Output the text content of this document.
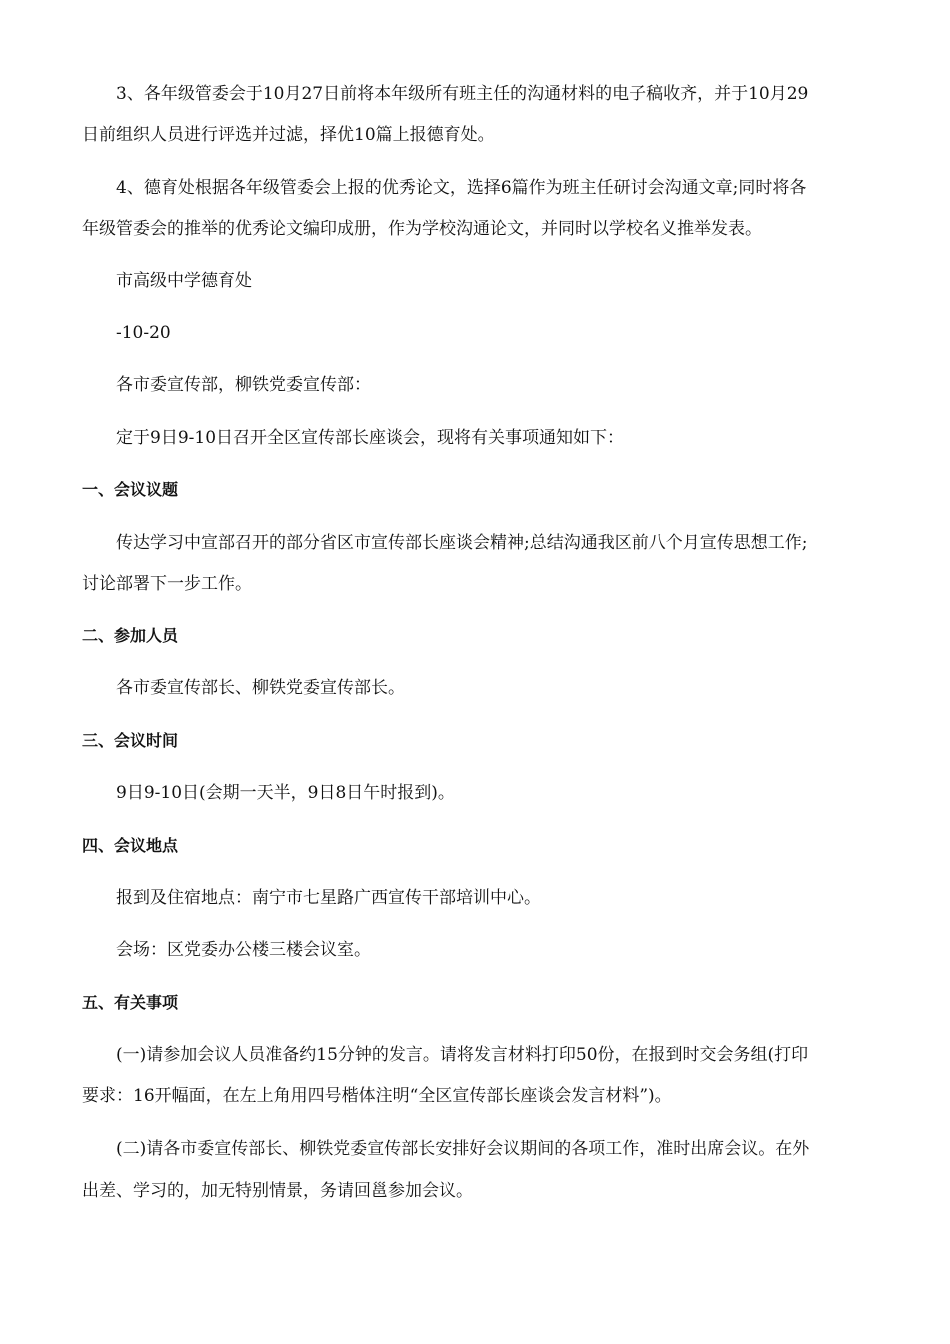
3、各年级管委会于10月27日前将本年级所有班主任的沟通材料的电子稿收齐，并于10月29
日前组织人员进行评选并过滤，择优10篇上报德育处。
4、德育处根据各年级管委会上报的优秀论文，选择6篇作为班主任研讨会沟通文章;同时将各
年级管委会的推举的优秀论文编印成册，作为学校沟通论文，并同时以学校名义推举发表。
市高级中学德育处
-10-20
各市委宣传部，柳铁党委宣传部：
定于9日9-10日召开全区宣传部长座谈会，现将有关事项通知如下：
一、会议议题
传达学习中宣部召开的部分省区市宣传部长座谈会精神;总结沟通我区前八个月宣传思想工作;
讨论部署下一步工作。
二、参加人员
各市委宣传部长、柳铁党委宣传部长。
三、会议时间
9日9-10日(会期一天半，9日8日午时报到)。
四、会议地点
报到及住宿地点：南宁市七星路广西宣传干部培训中心。
会场：区党委办公楼三楼会议室。
五、有关事项
(一)请参加会议人员准备约15分钟的发言。请将发言材料打印50份，在报到时交会务组(打印
要求：16开幅面，在左上角用四号楷体注明“全区宣传部长座谈会发言材料”)。
(二)请各市委宣传部长、柳铁党委宣传部长安排好会议期间的各项工作，准时出席会议。在外
出差、学习的，加无特别情景，务请回邕参加会议。
